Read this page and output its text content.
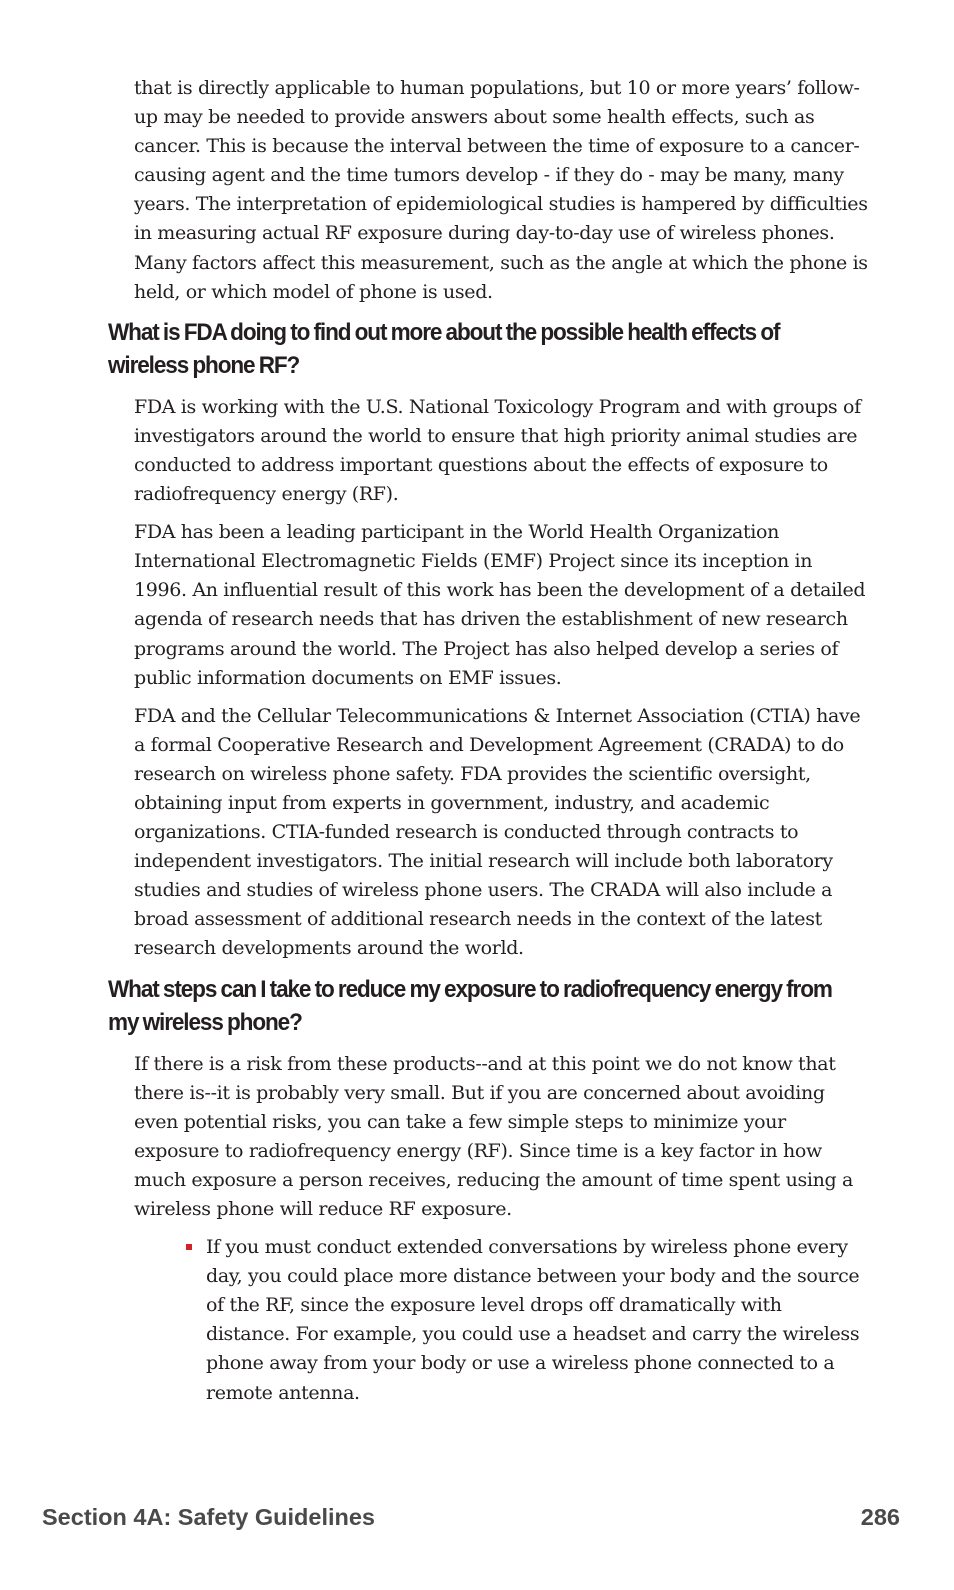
that is directly applicable to human populations, but 10 or more years’ follow-up may be needed to provide answers about some health effects, such as cancer. This is because the interval between the time of exposure to a cancer-causing agent and the time tumors develop - if they do - may be many, many years. The interpretation of epidemiological studies is hampered by difficulties in measuring actual RF exposure during day-to-day use of wireless phones. Many factors affect this measurement, such as the angle at which the phone is held, or which model of phone is used.

What is FDA doing to find out more about the possible health effects of wireless phone RF?

FDA is working with the U.S. National Toxicology Program and with groups of investigators around the world to ensure that high priority animal studies are conducted to address important questions about the effects of exposure to radiofrequency energy (RF).

FDA has been a leading participant in the World Health Organization International Electromagnetic Fields (EMF) Project since its inception in 1996. An influential result of this work has been the development of a detailed agenda of research needs that has driven the establishment of new research programs around the world. The Project has also helped develop a series of public information documents on EMF issues.

FDA and the Cellular Telecommunications & Internet Association (CTIA) have a formal Cooperative Research and Development Agreement (CRADA) to do research on wireless phone safety. FDA provides the scientific oversight, obtaining input from experts in government, industry, and academic organizations. CTIA-funded research is conducted through contracts to independent investigators. The initial research will include both laboratory studies and studies of wireless phone users. The CRADA will also include a broad assessment of additional research needs in the context of the latest research developments around the world.

What steps can I take to reduce my exposure to radiofrequency energy from my wireless phone?

If there is a risk from these products--and at this point we do not know that there is--it is probably very small. But if you are concerned about avoiding even potential risks, you can take a few simple steps to minimize your exposure to radiofrequency energy (RF). Since time is a key factor in how much exposure a person receives, reducing the amount of time spent using a wireless phone will reduce RF exposure.

If you must conduct extended conversations by wireless phone every day, you could place more distance between your body and the source of the RF, since the exposure level drops off dramatically with distance. For example, you could use a headset and carry the wireless phone away from your body or use a wireless phone connected to a remote antenna.
Section 4A: Safety Guidelines	286
